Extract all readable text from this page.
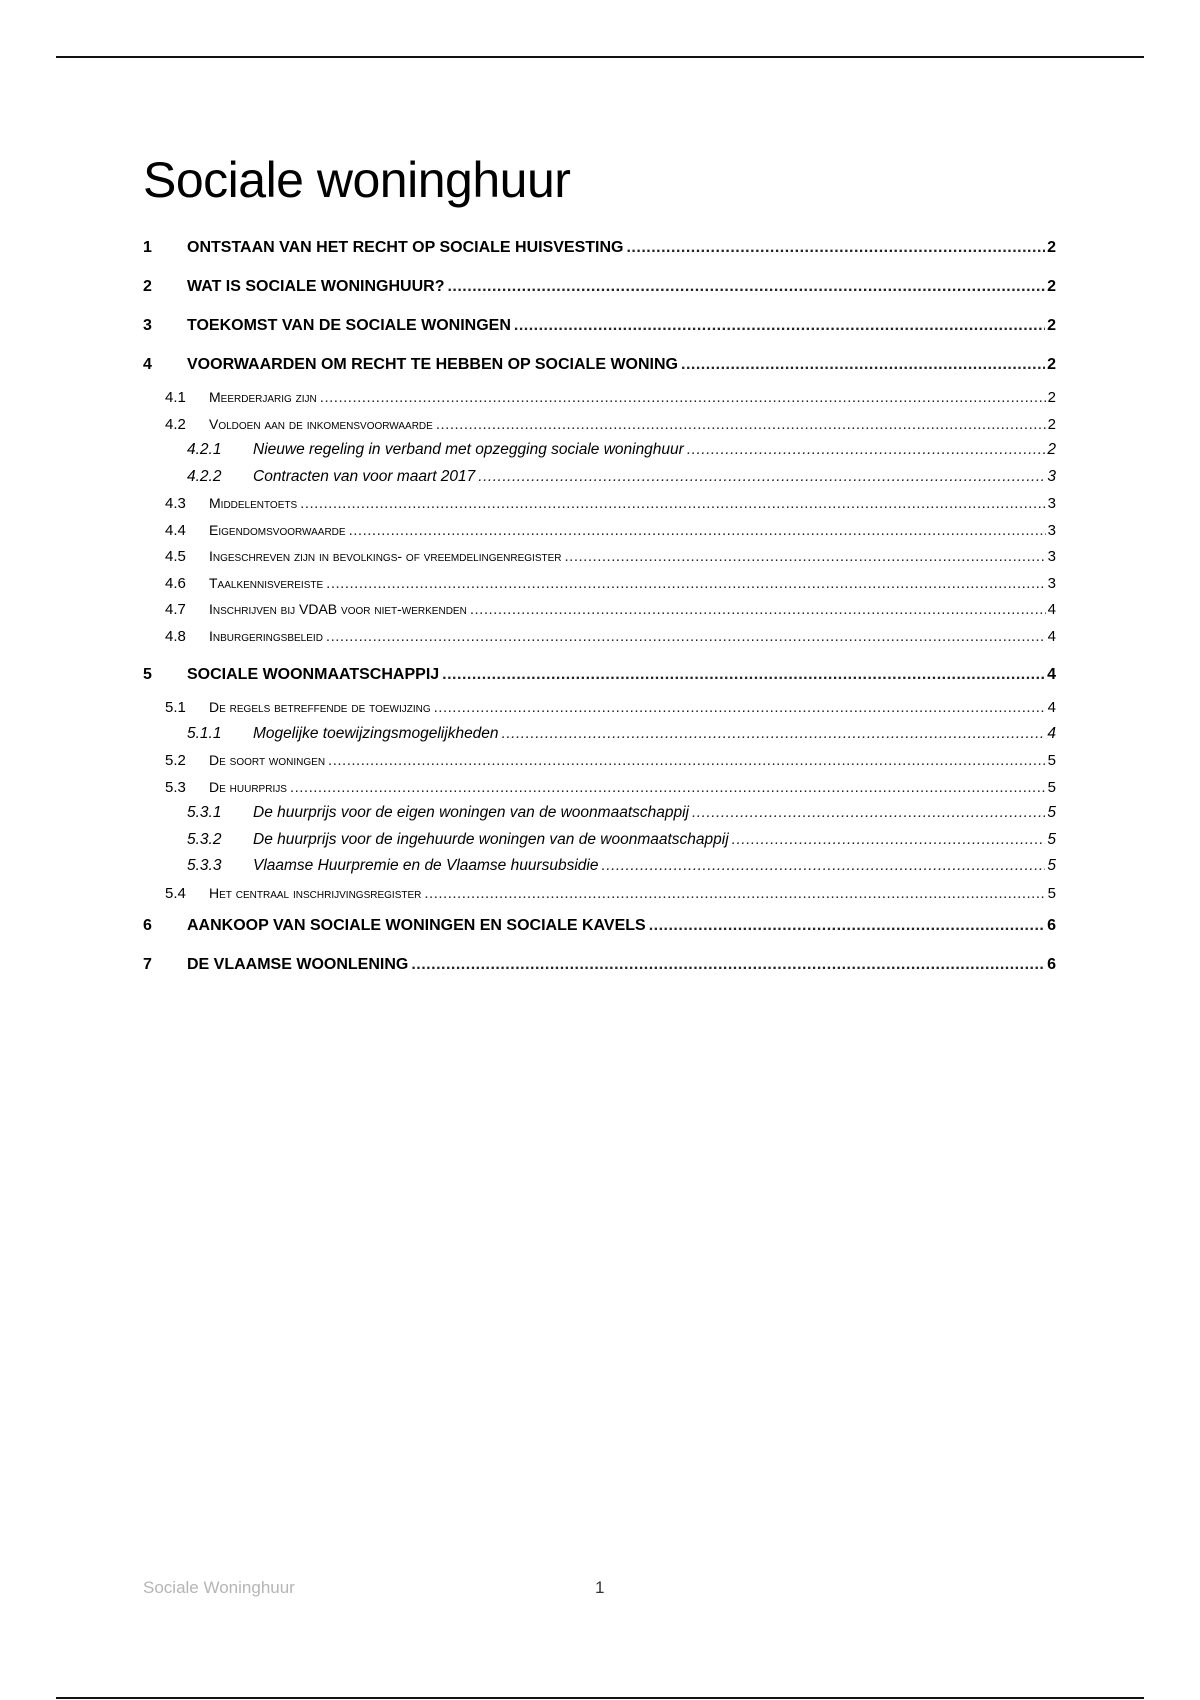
Sociale woninghuur
1	ONTSTAAN VAN HET RECHT OP SOCIALE HUISVESTING .....	2
2	WAT IS SOCIALE WONINGHUUR? .....	2
3	TOEKOMST VAN DE SOCIALE WONINGEN .....	2
4	VOORWAARDEN OM RECHT TE HEBBEN OP SOCIALE WONING .....	2
4.1	Meerderjarig zijn .....	2
4.2	Voldoen aan de inkomensvoorwaarde .....	2
4.2.1	Nieuwe regeling in verband met opzegging sociale woninghuur .....	2
4.2.2	Contracten van voor maart 2017 .....	3
4.3	Middelentoets .....	3
4.4	Eigendomsvoorwaarde .....	3
4.5	Ingeschreven zijn in bevolkings- of vreemdelingenregister .....	3
4.6	Taalkennisvereiste .....	3
4.7	Inschrijven bij VDAB voor niet-werkenden .....	4
4.8	Inburgeringsbeleid .....	4
5	SOCIALE WOONMAATSCHAPPIJ .....	4
5.1	De regels betreffende de toewijzing .....	4
5.1.1	Mogelijke toewijzingsmogelijkheden .....	4
5.2	De soort woningen .....	5
5.3	De huurprijs .....	5
5.3.1	De huurprijs voor de eigen woningen van de woonmaatschappij .....	5
5.3.2	De huurprijs voor de ingehuurde woningen van de woonmaatschappij .....	5
5.3.3	Vlaamse Huurpremie en de Vlaamse huursubsidie .....	5
5.4	Het centraal inschrijvingsregister .....	5
6	AANKOOP VAN SOCIALE WONINGEN EN SOCIALE KAVELS .....	6
7	DE VLAAMSE WOONLENING .....	6
Sociale Woninghuur	1
